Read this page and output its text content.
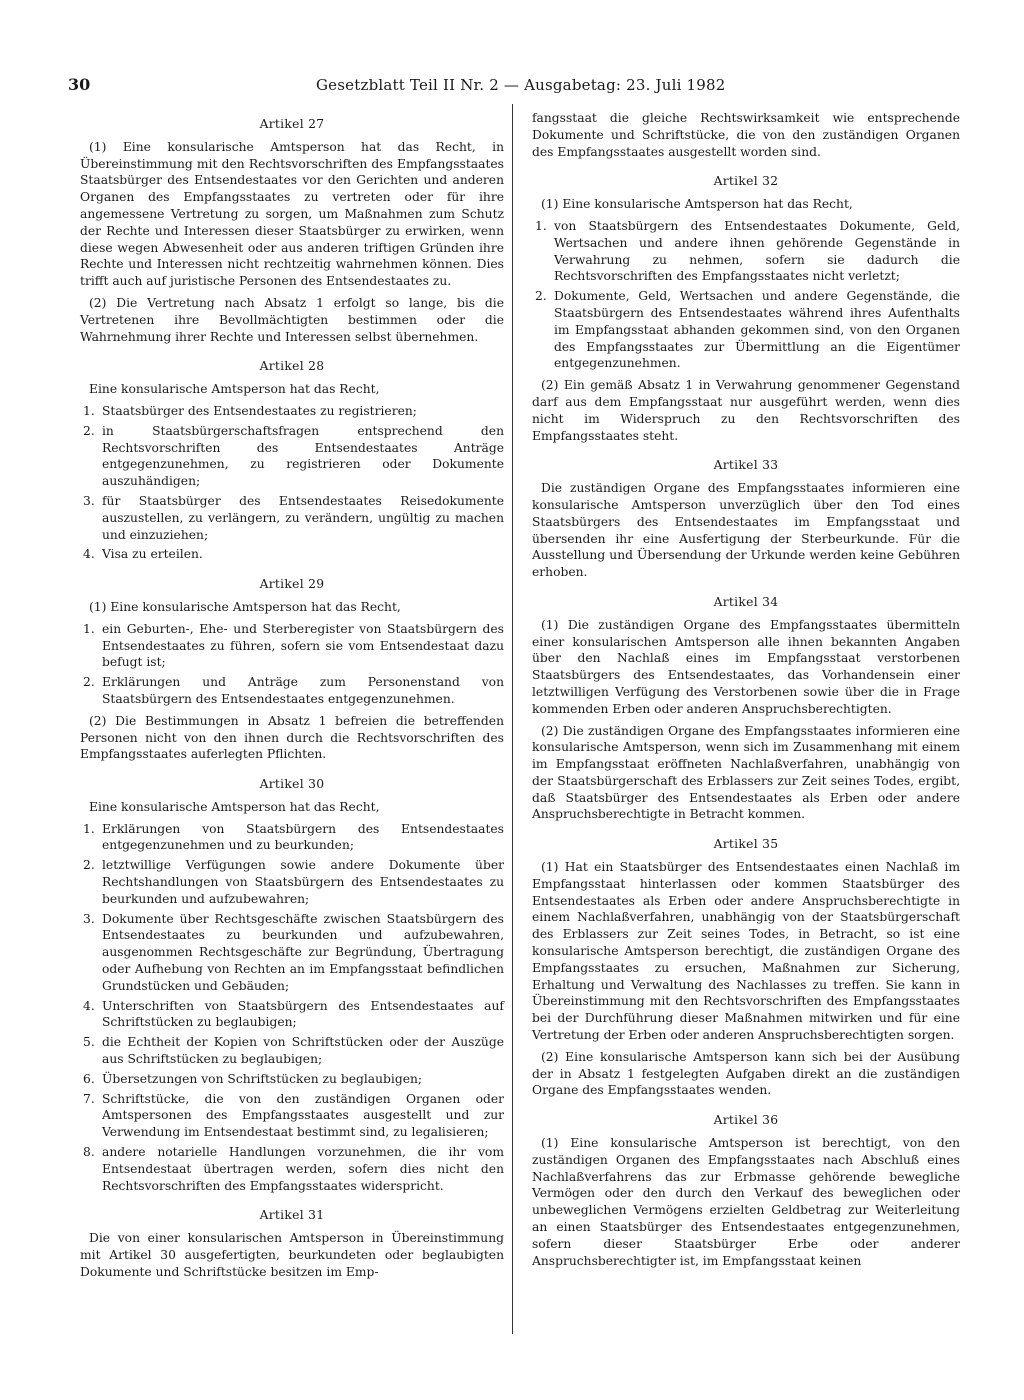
30	Gesetzblatt Teil II Nr. 2 — Ausgabetag: 23. Juli 1982
Artikel 27

(1) Eine konsularische Amtsperson hat das Recht, in Übereinstimmung mit den Rechtsvorschriften des Empfangsstaates Staatsbürger des Entsendestaates vor den Gerichten und anderen Organen des Empfangsstaates zu vertreten oder für ihre angemessene Vertretung zu sorgen, um Maßnahmen zum Schutz der Rechte und Interessen dieser Staatsbürger zu erwirken, wenn diese wegen Abwesenheit oder aus anderen triftigen Gründen ihre Rechte und Interessen nicht rechtzeitig wahrnehmen können. Dies trifft auch auf juristische Personen des Entsendestaates zu.

(2) Die Vertretung nach Absatz 1 erfolgt so lange, bis die Vertretenen ihre Bevollmächtigten bestimmen oder die Wahrnehmung ihrer Rechte und Interessen selbst übernehmen.

Artikel 28

Eine konsularische Amtsperson hat das Recht,

1. Staatsbürger des Entsendestaates zu registrieren;
2. in Staatsbürgerschaftsfragen entsprechend den Rechtsvorschriften des Entsendestaates Anträge entgegenzunehmen, zu registrieren oder Dokumente auszuhändigen;
3. für Staatsbürger des Entsendestaates Reisedokumente auszustellen, zu verlängern, zu verändern, ungültig zu machen und einzuziehen;
4. Visa zu erteilen.
Artikel 29

(1) Eine konsularische Amtsperson hat das Recht,

1. ein Geburten-, Ehe- und Sterberegister von Staatsbürgern des Entsendestaates zu führen, sofern sie vom Entsendestaat dazu befugt ist;
2. Erklärungen und Anträge zum Personenstand von Staatsbürgern des Entsendestaates entgegenzunehmen.

(2) Die Bestimmungen in Absatz 1 befreien die betreffenden Personen nicht von den ihnen durch die Rechtsvorschriften des Empfangsstaates auferlegten Pflichten.

Artikel 30

Eine konsularische Amtsperson hat das Recht,

1. Erklärungen von Staatsbürgern des Entsendestaates entgegenzunehmen und zu beurkunden;
2. letztwillige Verfügungen sowie andere Dokumente über Rechtshandlungen von Staatsbürgern des Entsendestaates zu beurkunden und aufzubewahren;
3. Dokumente über Rechtsgeschäfte zwischen Staatsbürgern des Entsendestaates zu beurkunden und aufzubewahren, ausgenommen Rechtsgeschäfte zur Begründung, Übertragung oder Aufhebung von Rechten an im Empfangsstaat befindlichen Grundstücken und Gebäuden;
4. Unterschriften von Staatsbürgern des Entsendestaates auf Schriftstücken zu beglaubigen;
5. die Echtheit der Kopien von Schriftstücken oder der Auszüge aus Schriftstücken zu beglaubigen;
6. Übersetzungen von Schriftstücken zu beglaubigen;
7. Schriftstücke, die von den zuständigen Organen oder Amtspersonen des Empfangsstaates ausgestellt und zur Verwendung im Entsendestaat bestimmt sind, zu legalisieren;
8. andere notarielle Handlungen vorzunehmen, die ihr vom Entsendestaat übertragen werden, sofern dies nicht den Rechtsvorschriften des Empfangsstaates widerspricht.
Artikel 31

Die von einer konsularischen Amtsperson in Übereinstimmung mit Artikel 30 ausgefertigten, beurkundeten oder beglaubigten Dokumente und Schriftstücke besitzen im Emp-

fangsstaat die gleiche Rechtswirksamkeit wie entsprechende Dokumente und Schriftstücke, die von den zuständigen Organen des Empfangsstaates ausgestellt worden sind.

Artikel 32

(1) Eine konsularische Amtsperson hat das Recht,

1. von Staatsbürgern des Entsendestaates Dokumente, Geld, Wertsachen und andere ihnen gehörende Gegenstände in Verwahrung zu nehmen, sofern sie dadurch die Rechtsvorschriften des Empfangsstaates nicht verletzt;
2. Dokumente, Geld, Wertsachen und andere Gegenstände, die Staatsbürgern des Entsendestaates während ihres Aufenthalts im Empfangsstaat abhanden gekommen sind, von den Organen des Empfangsstaates zur Übermittlung an die Eigentümer entgegenzunehmen.

(2) Ein gemäß Absatz 1 in Verwahrung genommener Gegenstand darf aus dem Empfangsstaat nur ausgeführt werden, wenn dies nicht im Widerspruch zu den Rechtsvorschriften des Empfangsstaates steht.

Artikel 33

Die zuständigen Organe des Empfangsstaates informieren eine konsularische Amtsperson unverzüglich über den Tod eines Staatsbürgers des Entsendestaates im Empfangsstaat und übersenden ihr eine Ausfertigung der Sterbeurkunde. Für die Ausstellung und Übersendung der Urkunde werden keine Gebühren erhoben.

Artikel 34

(1) Die zuständigen Organe des Empfangsstaates übermitteln einer konsularischen Amtsperson alle ihnen bekannten Angaben über den Nachlaß eines im Empfangsstaat verstorbenen Staatsbürgers des Entsendestaates, das Vorhandensein einer letztwilligen Verfügung des Verstorbenen sowie über die in Frage kommenden Erben oder anderen Anspruchsberechtigten.

(2) Die zuständigen Organe des Empfangsstaates informieren eine konsularische Amtsperson, wenn sich im Zusammenhang mit einem im Empfangsstaat eröffneten Nachlaßverfahren, unabhängig von der Staatsbürgerschaft des Erblassers zur Zeit seines Todes, ergibt, daß Staatsbürger des Entsendestaates als Erben oder andere Anspruchsberechtigte in Betracht kommen.

Artikel 35

(1) Hat ein Staatsbürger des Entsendestaates einen Nachlaß im Empfangsstaat hinterlassen oder kommen Staatsbürger des Entsendestaates als Erben oder andere Anspruchsberechtigte in einem Nachlaßverfahren, unabhängig von der Staatsbürgerschaft des Erblassers zur Zeit seines Todes, in Betracht, so ist eine konsularische Amtsperson berechtigt, die zuständigen Organe des Empfangsstaates zu ersuchen, Maßnahmen zur Sicherung, Erhaltung und Verwaltung des Nachlasses zu treffen. Sie kann in Übereinstimmung mit den Rechtsvorschriften des Empfangsstaates bei der Durchführung dieser Maßnahmen mitwirken und für eine Vertretung der Erben oder anderen Anspruchsberechtigten sorgen.

(2) Eine konsularische Amtsperson kann sich bei der Ausübung der in Absatz 1 festgelegten Aufgaben direkt an die zuständigen Organe des Empfangsstaates wenden.

Artikel 36

(1) Eine konsularische Amtsperson ist berechtigt, von den zuständigen Organen des Empfangsstaates nach Abschluß eines Nachlaßverfahrens das zur Erbmasse gehörende bewegliche Vermögen oder den durch den Verkauf des beweglichen oder unbeweglichen Vermögens erzielten Geldbetrag zur Weiterleitung an einen Staatsbürger des Entsendestaates entgegenzunehmen, sofern dieser Staatsbürger Erbe oder anderer Anspruchsberechtigter ist, im Empfangsstaat keinen
